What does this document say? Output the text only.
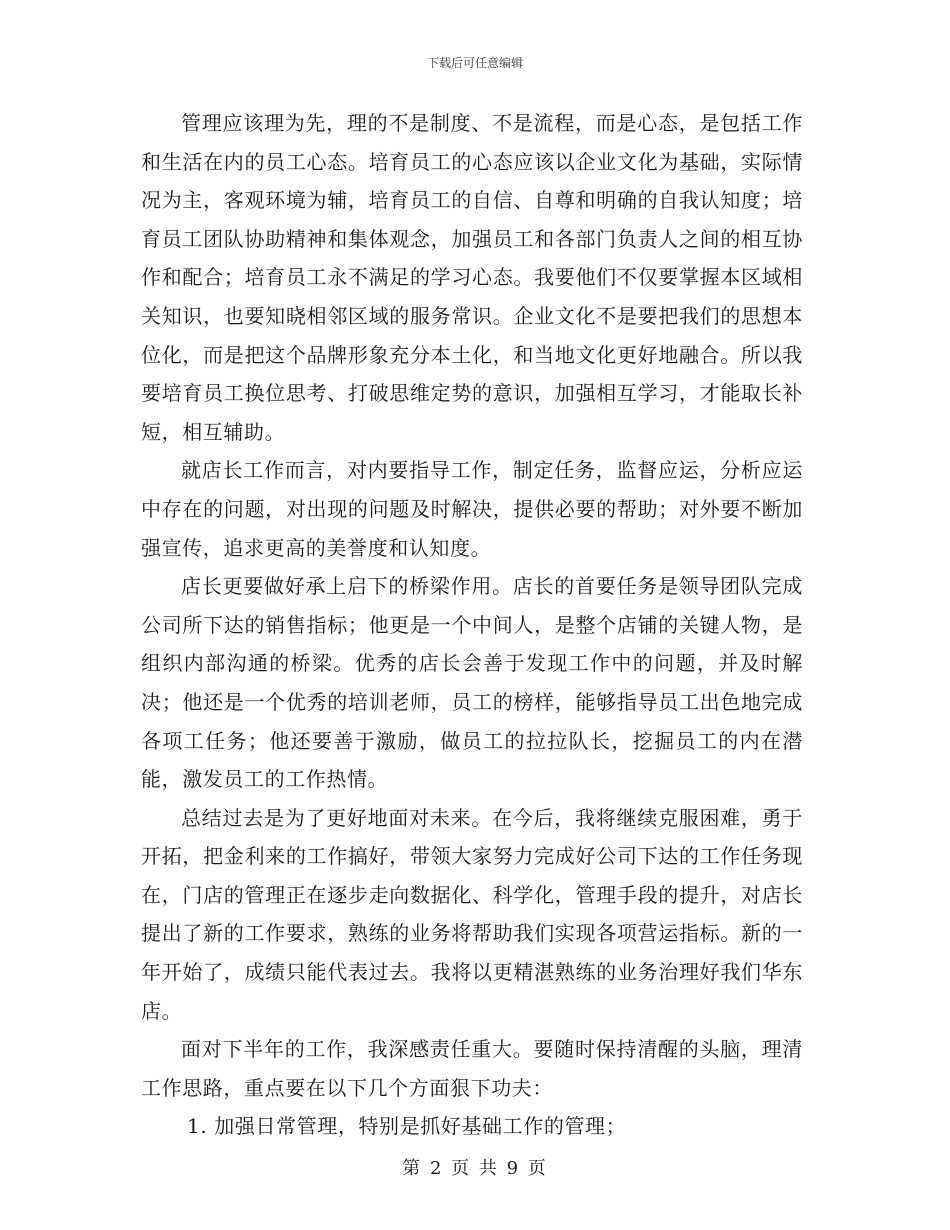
下载后可任意编辑

管理应该理为先，理的不是制度、不是流程，而是心态，是包括工作和生活在内的员工心态。培育员工的心态应该以企业文化为基础，实际情况为主，客观环境为辅，培育员工的自信、自尊和明确的自我认知度；培育员工团队协助精神和集体观念，加强员工和各部门负责人之间的相互协作和配合；培育员工永不满足的学习心态。我要他们不仅要掌握本区域相关知识，也要知晓相邻区域的服务常识。企业文化不是要把我们的思想本位化，而是把这个品牌形象充分本土化，和当地文化更好地融合。所以我要培育员工换位思考、打破思维定势的意识，加强相互学习，才能取长补短，相互辅助。

就店长工作而言，对内要指导工作，制定任务，监督应运，分析应运中存在的问题，对出现的问题及时解决，提供必要的帮助；对外要不断加强宣传，追求更高的美誉度和认知度。

店长更要做好承上启下的桥梁作用。店长的首要任务是领导团队完成公司所下达的销售指标；他更是一个中间人，是整个店铺的关键人物，是组织内部沟通的桥梁。优秀的店长会善于发现工作中的问题，并及时解决；他还是一个优秀的培训老师，员工的榜样，能够指导员工出色地完成各项工任务；他还要善于激励，做员工的拉拉队长，挖掘员工的内在潜能，激发员工的工作热情。

总结过去是为了更好地面对未来。在今后，我将继续克服困难，勇于开拓，把金利来的工作搞好，带领大家努力完成好公司下达的工作任务现在，门店的管理正在逐步走向数据化、科学化，管理手段的提升，对店长提出了新的工作要求，熟练的业务将帮助我们实现各项营运指标。新的一年开始了，成绩只能代表过去。我将以更精湛熟练的业务治理好我们华东店。

面对下半年的工作，我深感责任重大。要随时保持清醒的头脑，理清工作思路，重点要在以下几个方面狠下功夫：

1. 加强日常管理，特别是抓好基础工作的管理；

第 2 页 共 9 页
